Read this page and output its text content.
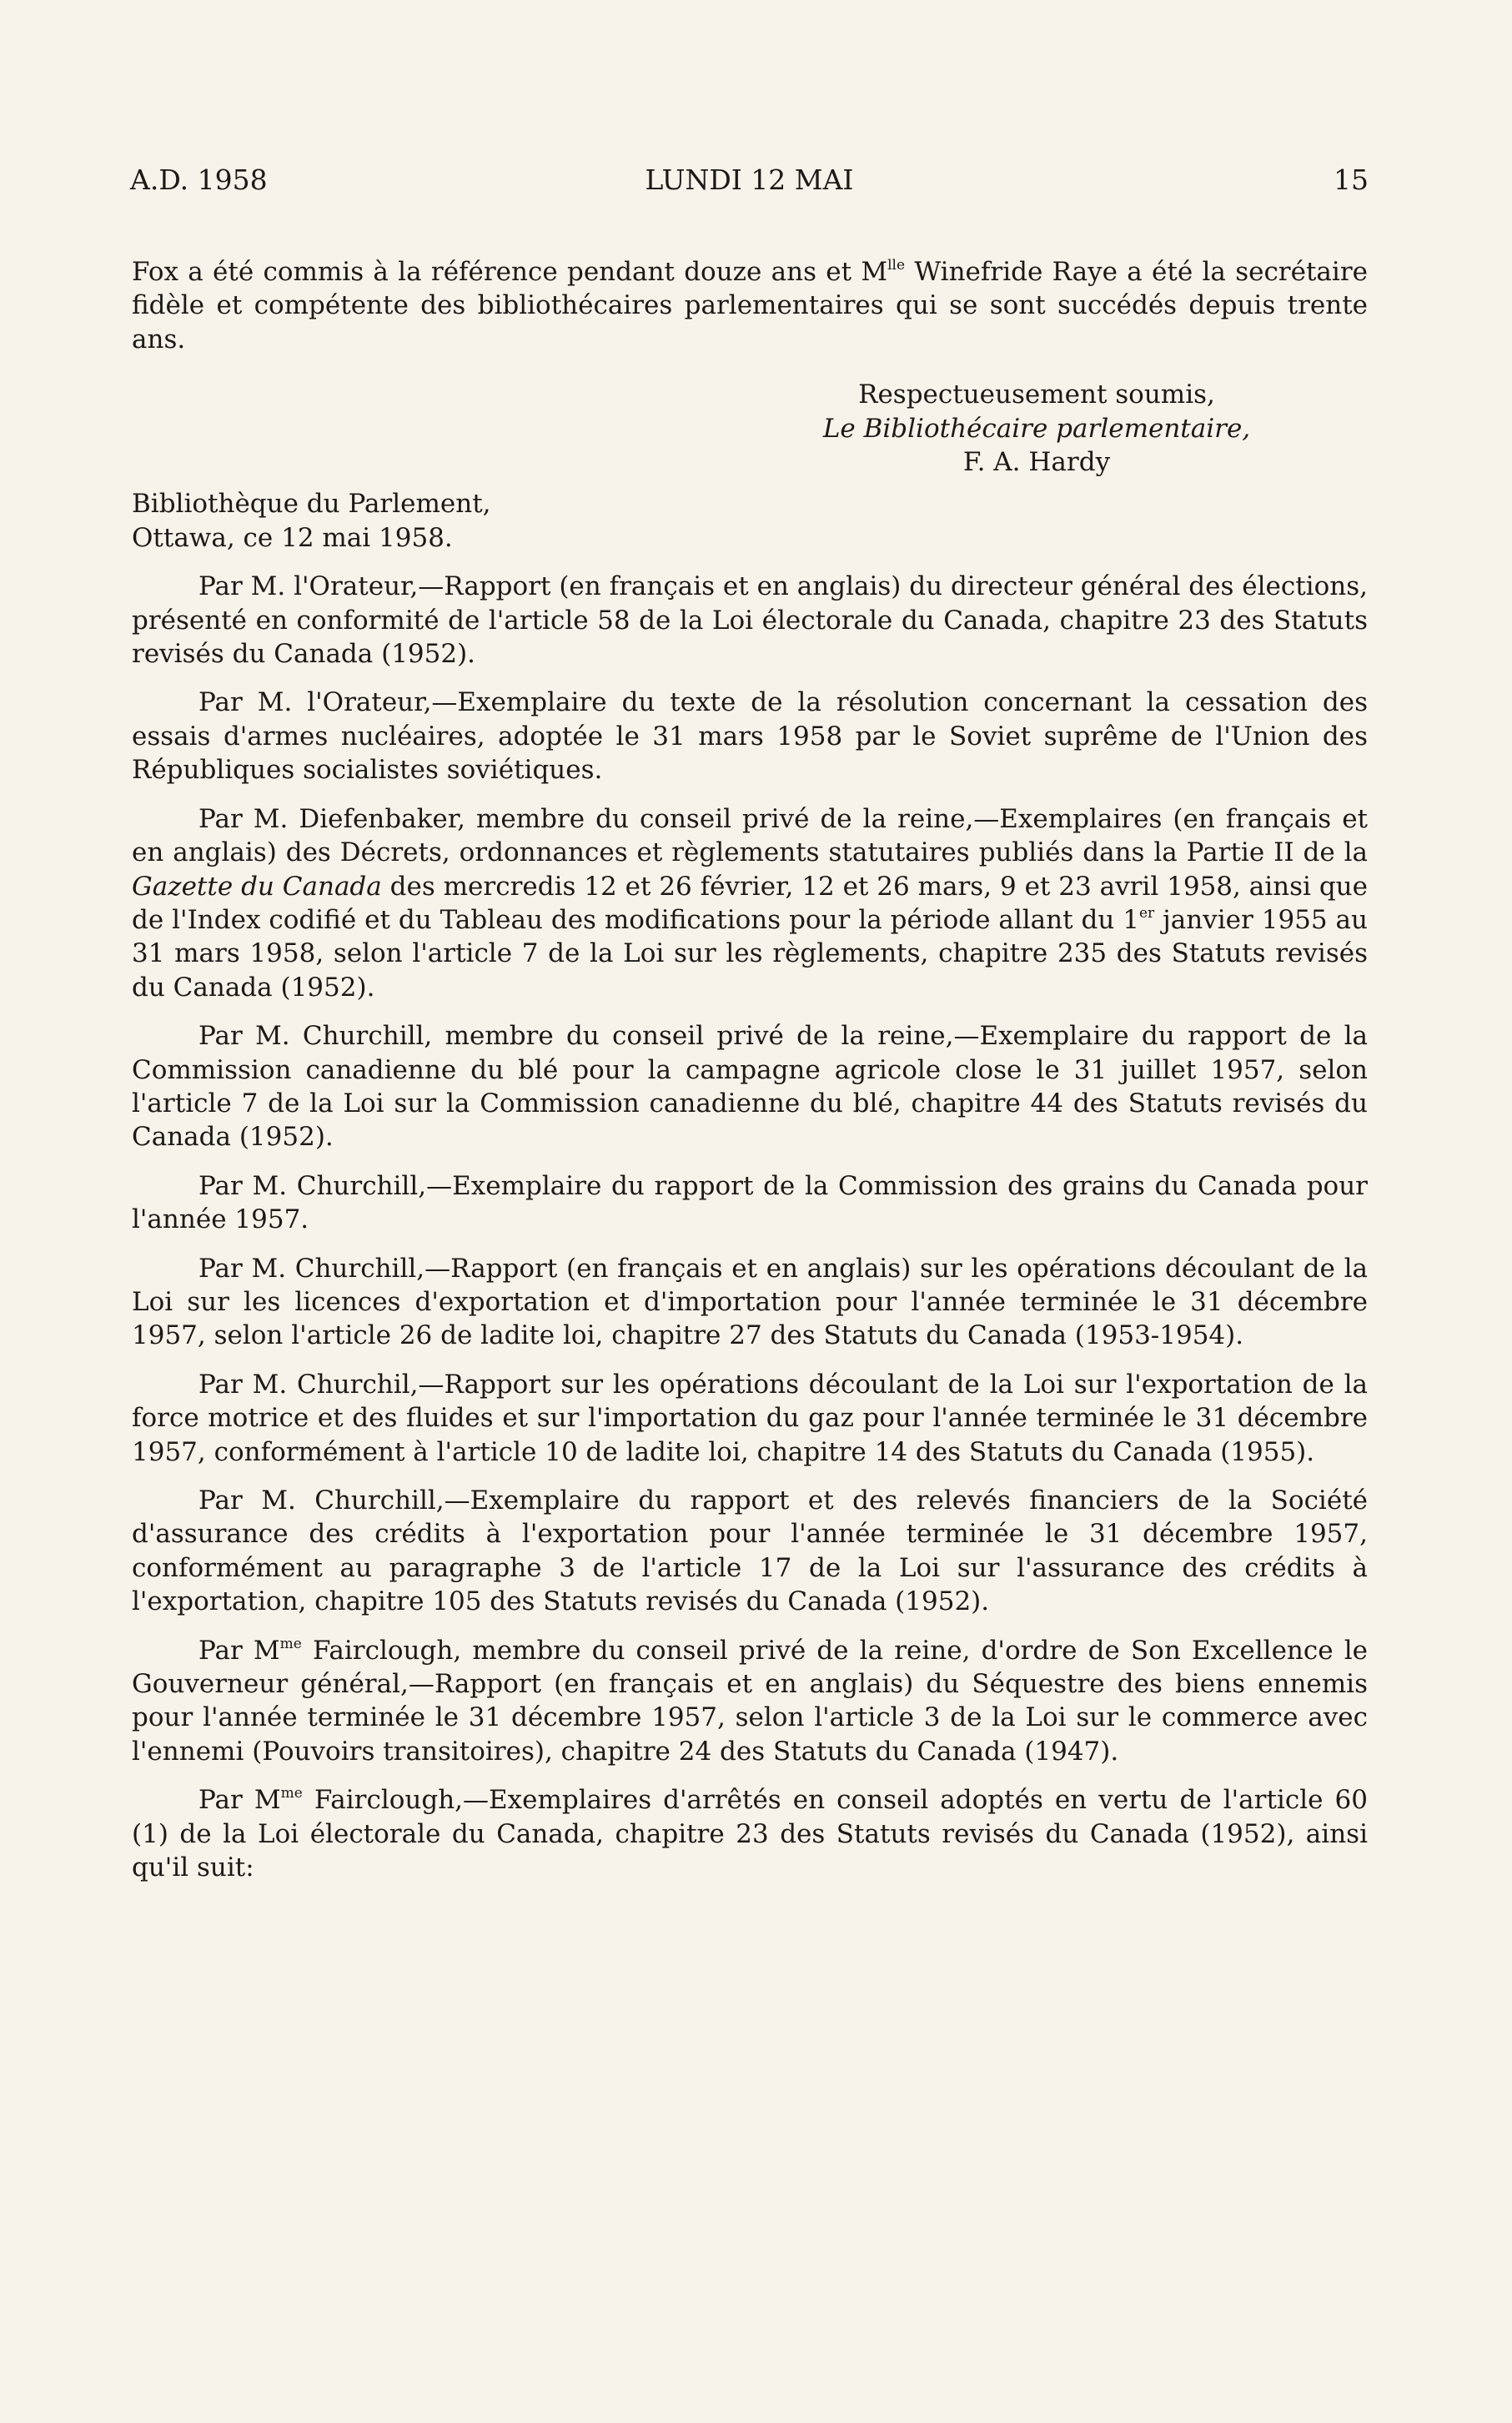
A.D. 1958	LUNDI 12 MAI	15

Fox a été commis à la référence pendant douze ans et $M^{lle}$ Winefride Raye a été la secrétaire fidèle et compétente des bibliothécaires parlementaires qui se sont succédés depuis trente ans.

Respectueusement soumis,
Le Bibliothécaire parlementaire,
F. A. Hardy
Bibliothèque du Parlement,
Ottawa, ce 12 mai 1958.

Par M. l'Orateur,—Rapport (en français et en anglais) du directeur général des élections, présenté en conformité de l'article 58 de la Loi électorale du Canada, chapitre 23 des Statuts revisés du Canada (1952).

Par M. l'Orateur,—Exemplaire du texte de la résolution concernant la cessation des essais d'armes nucléaires, adoptée le 31 mars 1958 par le Soviet suprême de l'Union des Républiques socialistes soviétiques.

Par M. Diefenbaker, membre du conseil privé de la reine,—Exemplaires (en français et en anglais) des Décrets, ordonnances et règlements statutaires publiés dans la Partie II de la Gazette du Canada des mercredis 12 et 26 février, 12 et 26 mars, 9 et 23 avril 1958, ainsi que de l'Index codifié et du Tableau des modifications pour la période allant du 1er janvier 1955 au 31 mars 1958, selon l'article 7 de la Loi sur les règlements, chapitre 235 des Statuts revisés du Canada (1952).

Par M. Churchill, membre du conseil privé de la reine,—Exemplaire du rapport de la Commission canadienne du blé pour la campagne agricole close le 31 juillet 1957, selon l'article 7 de la Loi sur la Commission canadienne du blé, chapitre 44 des Statuts revisés du Canada (1952).

Par M. Churchill,—Exemplaire du rapport de la Commission des grains du Canada pour l'année 1957.

Par M. Churchill,—Rapport (en français et en anglais) sur les opérations découlant de la Loi sur les licences d'exportation et d'importation pour l'année terminée le 31 décembre 1957, selon l'article 26 de ladite loi, chapitre 27 des Statuts du Canada (1953-1954).

Par M. Churchil,—Rapport sur les opérations découlant de la Loi sur l'exportation de la force motrice et des fluides et sur l'importation du gaz pour l'année terminée le 31 décembre 1957, conformément à l'article 10 de ladite loi, chapitre 14 des Statuts du Canada (1955).

Par M. Churchill,—Exemplaire du rapport et des relevés financiers de la Société d'assurance des crédits à l'exportation pour l'année terminée le 31 décembre 1957, conformément au paragraphe 3 de l'article 17 de la Loi sur l'assurance des crédits à l'exportation, chapitre 105 des Statuts revisés du Canada (1952).

Par $M^{me}$ Fairclough, membre du conseil privé de la reine, d'ordre de Son Excellence le Gouverneur général,—Rapport (en français et en anglais) du Séquestre des biens ennemis pour l'année terminée le 31 décembre 1957, selon l'article 3 de la Loi sur le commerce avec l'ennemi (Pouvoirs transitoires), chapitre 24 des Statuts du Canada (1947).

Par $M^{me}$ Fairclough,—Exemplaires d'arrêtés en conseil adoptés en vertu de l'article 60 (1) de la Loi électorale du Canada, chapitre 23 des Statuts revisés du Canada (1952), ainsi qu'il suit:
